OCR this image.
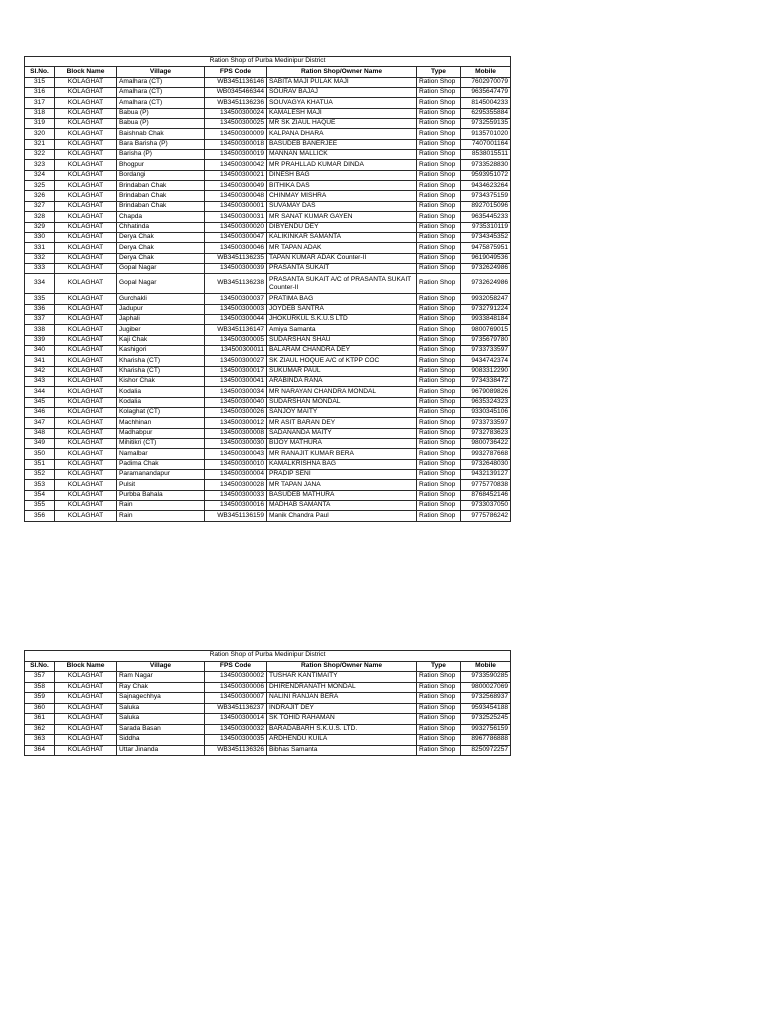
Ration Shop of Purba Medinipur District						
Sl.No.	Block Name	Village	FPS Code	Ration Shop/Owner Name	Type	Mobile
315	KOLAGHAT	Amalhara (CT)	WB3451136146	SABITA MAJI PULAK MAJI	Ration Shop	7602970079
316	KOLAGHAT	Amalhara (CT)	WB0345466344	SOURAV BAJAJ	Ration Shop	9635647479
317	KOLAGHAT	Amalhara (CT)	WB3451136236	SOUVAGYA KHATUA	Ration Shop	8145004233
318	KOLAGHAT	Babua (P)	134500300024	KAMALESH MAJI	Ration Shop	6295355884
319	KOLAGHAT	Babua (P)	134500300025	MR SK ZIAUL HAQUE	Ration Shop	9732559135
320	KOLAGHAT	Baishnab Chak	134500300009	KALPANA DHARA	Ration Shop	9135701020
321	KOLAGHAT	Bara Barisha (P)	134500300018	BASUDEB BANERJEE	Ration Shop	7407001164
322	KOLAGHAT	Barisha (P)	134500300019	MANNAN MALLICK	Ration Shop	8538015511
323	KOLAGHAT	Bhogpur	134500300042	MR PRAHLLAD KUMAR DINDA	Ration Shop	9733528830
324	KOLAGHAT	Bordangi	134500300021	DINESH BAG	Ration Shop	9593951072
325	KOLAGHAT	Brindaban Chak	134500300049	BITHIKA DAS	Ration Shop	9434623264
326	KOLAGHAT	Brindaban Chak	134500300048	CHINMAY MISHRA	Ration Shop	9734375159
327	KOLAGHAT	Brindaban Chak	134500300001	SUVAMAY DAS	Ration Shop	8927015096
328	KOLAGHAT	Chapda	134500300031	MR SANAT KUMAR GAYEN	Ration Shop	9635445233
329	KOLAGHAT	Chhatinda	134500300020	DIBYENDU DEY	Ration Shop	9735310119
330	KOLAGHAT	Derya Chak	134500300047	KALIKINKAR SAMANTA	Ration Shop	9734345352
331	KOLAGHAT	Derya Chak	134500300046	MR TAPAN ADAK	Ration Shop	9475875951
332	KOLAGHAT	Derya Chak	WB3451136235	TAPAN KUMAR ADAK Counter-II	Ration Shop	9619049536
333	KOLAGHAT	Gopal Nagar	134500300039	PRASANTA SUKAIT	Ration Shop	9732624986
334	KOLAGHAT	Gopal Nagar	WB3451136238	PRASANTA SUKAIT A/C of PRASANTA SUKAIT Counter-II	Ration Shop	9732624986
335	KOLAGHAT	Gurchakli	134500300037	PRATIMA BAG	Ration Shop	9932058247
336	KOLAGHAT	Jadupur	134500300003	JOYDEB SANTRA	Ration Shop	9732791224
337	KOLAGHAT	Japhali	134500300044	JHOKURKUL S.K.U.S LTD	Ration Shop	9933848184
338	KOLAGHAT	Jugiber	WB3451136147	Amiya Samanta	Ration Shop	9800769015
339	KOLAGHAT	Kaji Chak	134500300005	SUDARSHAN SHAU	Ration Shop	9735679780
340	KOLAGHAT	Kashigori	134500300011	BALARAM CHANDRA DEY	Ration Shop	9733733597
341	KOLAGHAT	Kharisha (CT)	134500300027	SK ZIAUL HOQUE A/C of KTPP COC	Ration Shop	9434742374
342	KOLAGHAT	Kharisha (CT)	134500300017	SUKUMAR PAUL	Ration Shop	9083312290
343	KOLAGHAT	Kishor Chak	134500300041	ARABINDA RANA	Ration Shop	9734338472
344	KOLAGHAT	Kodalia	134500300034	MR NARAYAN CHANDRA MONDAL	Ration Shop	9679089826
345	KOLAGHAT	Kodalia	134500300040	SUDARSHAN MONDAL	Ration Shop	9635324323
346	KOLAGHAT	Kolaghat (CT)	134500300026	SANJOY MAITY	Ration Shop	9330345106
347	KOLAGHAT	Machhinan	134500300012	MR ASIT BARAN DEY	Ration Shop	9733733597
348	KOLAGHAT	Madhabpur	134500300008	SADANANDA MAITY	Ration Shop	9732783623
349	KOLAGHAT	Mihitikri (CT)	134500300030	BIJOY MATHURA	Ration Shop	9800736422
350	KOLAGHAT	Namalbar	134500300043	MR RANAJIT KUMAR BERA	Ration Shop	9932787668
351	KOLAGHAT	Padima Chak	134500300010	KAMALKRISHNA BAG	Ration Shop	9732648030
352	KOLAGHAT	Paramanandapur	134500300004	PRADIP SENI	Ration Shop	9432139127
353	KOLAGHAT	Pulsit	134500300028	MR TAPAN JANA	Ration Shop	9775770838
354	KOLAGHAT	Purbba Bahala	134500300033	BASUDEB MATHURA	Ration Shop	8768452146
355	KOLAGHAT	Rain	134500300016	MADHAB SAMANTA	Ration Shop	9733037050
356	KOLAGHAT	Rain	WB3451136159	Manik Chandra Paul	Ration Shop	9775786242
Ration Shop of Purba Medinipur District						
Sl.No.	Block Name	Village	FPS Code	Ration Shop/Owner Name	Type	Mobile
357	KOLAGHAT	Ram Nagar	134500300002	TUSHAR KANTIMAITY	Ration Shop	9733590285
358	KOLAGHAT	Ray Chak	134500300006	DHIRENDRANATH MONDAL	Ration Shop	9800027069
359	KOLAGHAT	Sajnagechhya	134500300007	NALINI RANJAN BERA	Ration Shop	9732568937
360	KOLAGHAT	Saluka	WB3451136237	INDRAJIT DEY	Ration Shop	9593454188
361	KOLAGHAT	Saluka	134500300014	SK TOHID RAHAMAN	Ration Shop	9732525245
362	KOLAGHAT	Sarada Basan	134500300032	BARADABARH S.K.U.S. LTD.	Ration Shop	9932756159
363	KOLAGHAT	Siddha	134500300035	ARDHENDU KUILA	Ration Shop	8967786888
364	KOLAGHAT	Uttar Jinanda	WB3451136326	Bibhas Samanta	Ration Shop	8250972257
